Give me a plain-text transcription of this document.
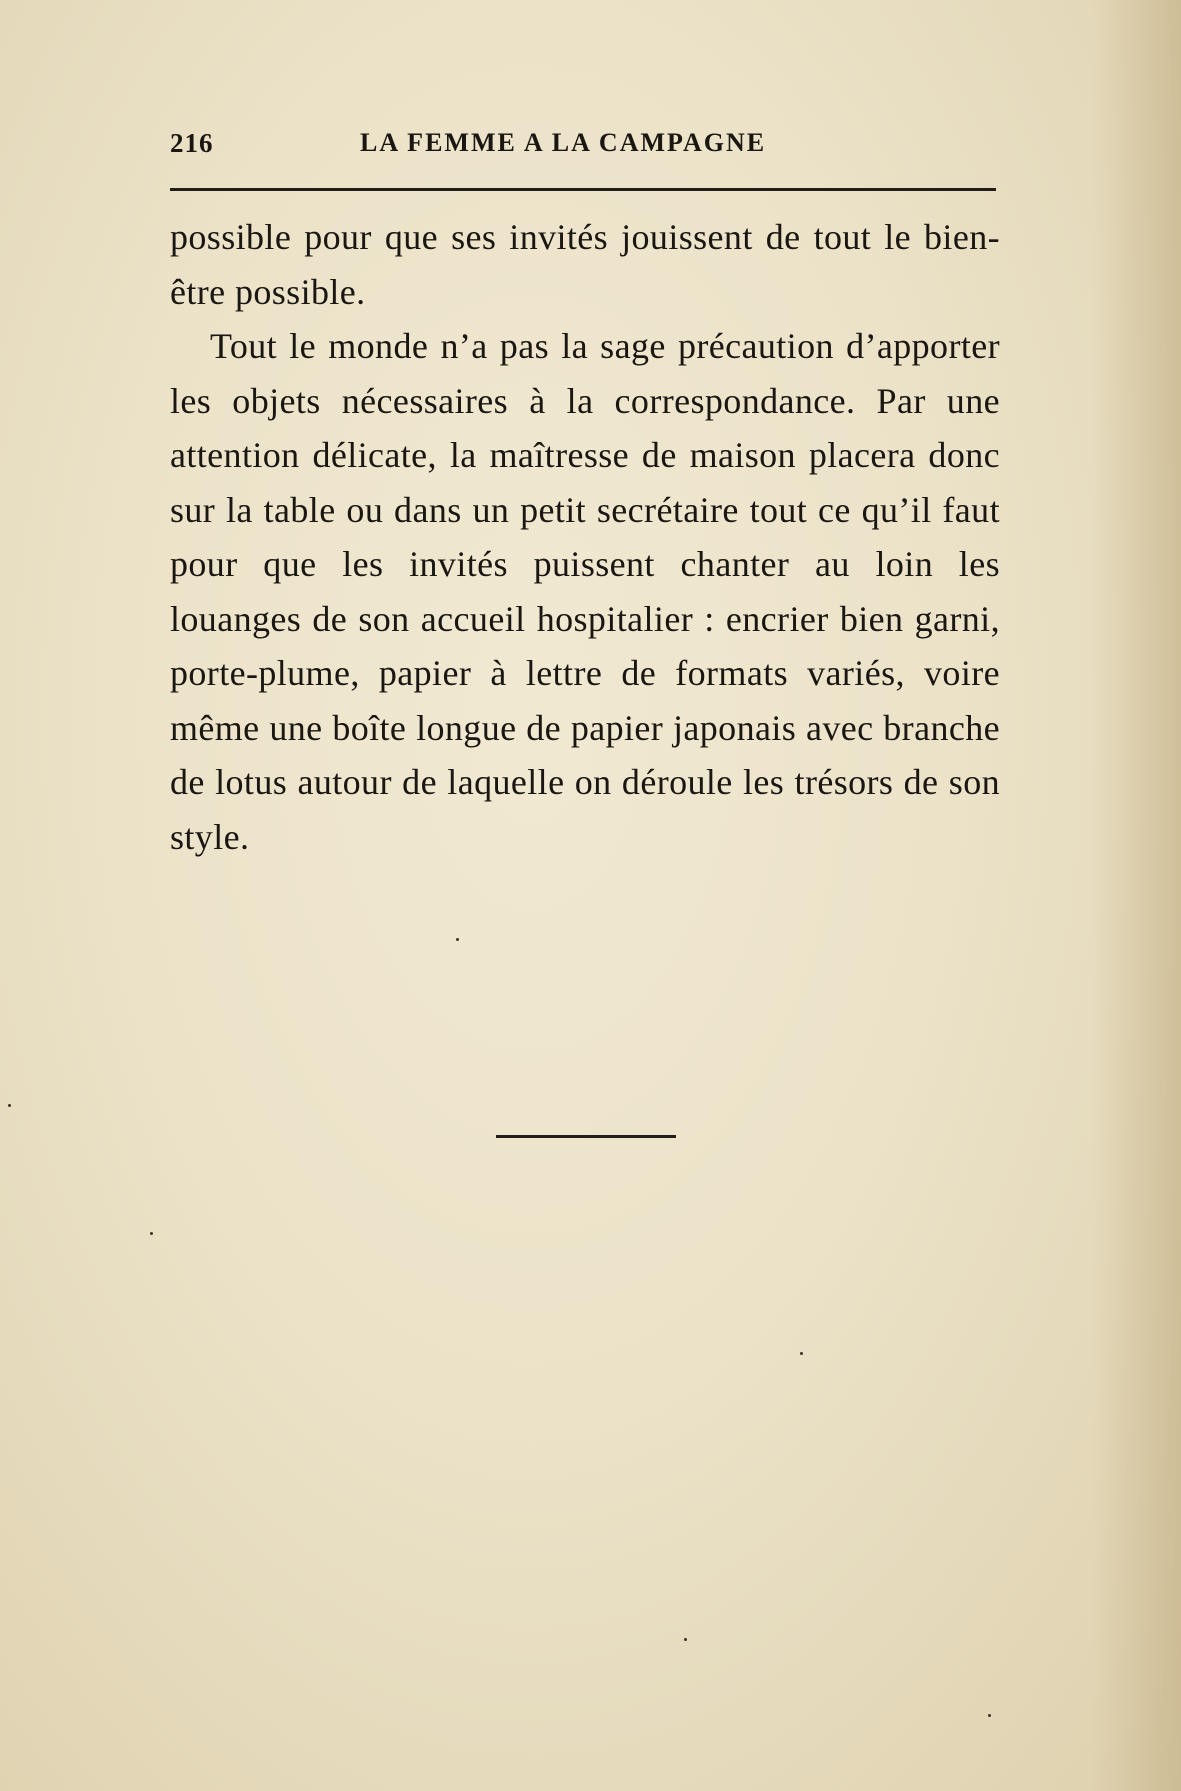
216	LA FEMME A LA CAMPAGNE

possible pour que ses invités jouissent de tout le bien-être possible.

Tout le monde n’a pas la sage précaution d’apporter les objets nécessaires à la correspondance. Par une attention délicate, la maîtresse de maison placera donc sur la table ou dans un petit secrétaire tout ce qu’il faut pour que les invités puissent chanter au loin les louanges de son accueil hospitalier : encrier bien garni, porte-plume, papier à lettre de formats variés, voire même une boîte longue de papier japonais avec branche de lotus autour de laquelle on déroule les trésors de son style.
